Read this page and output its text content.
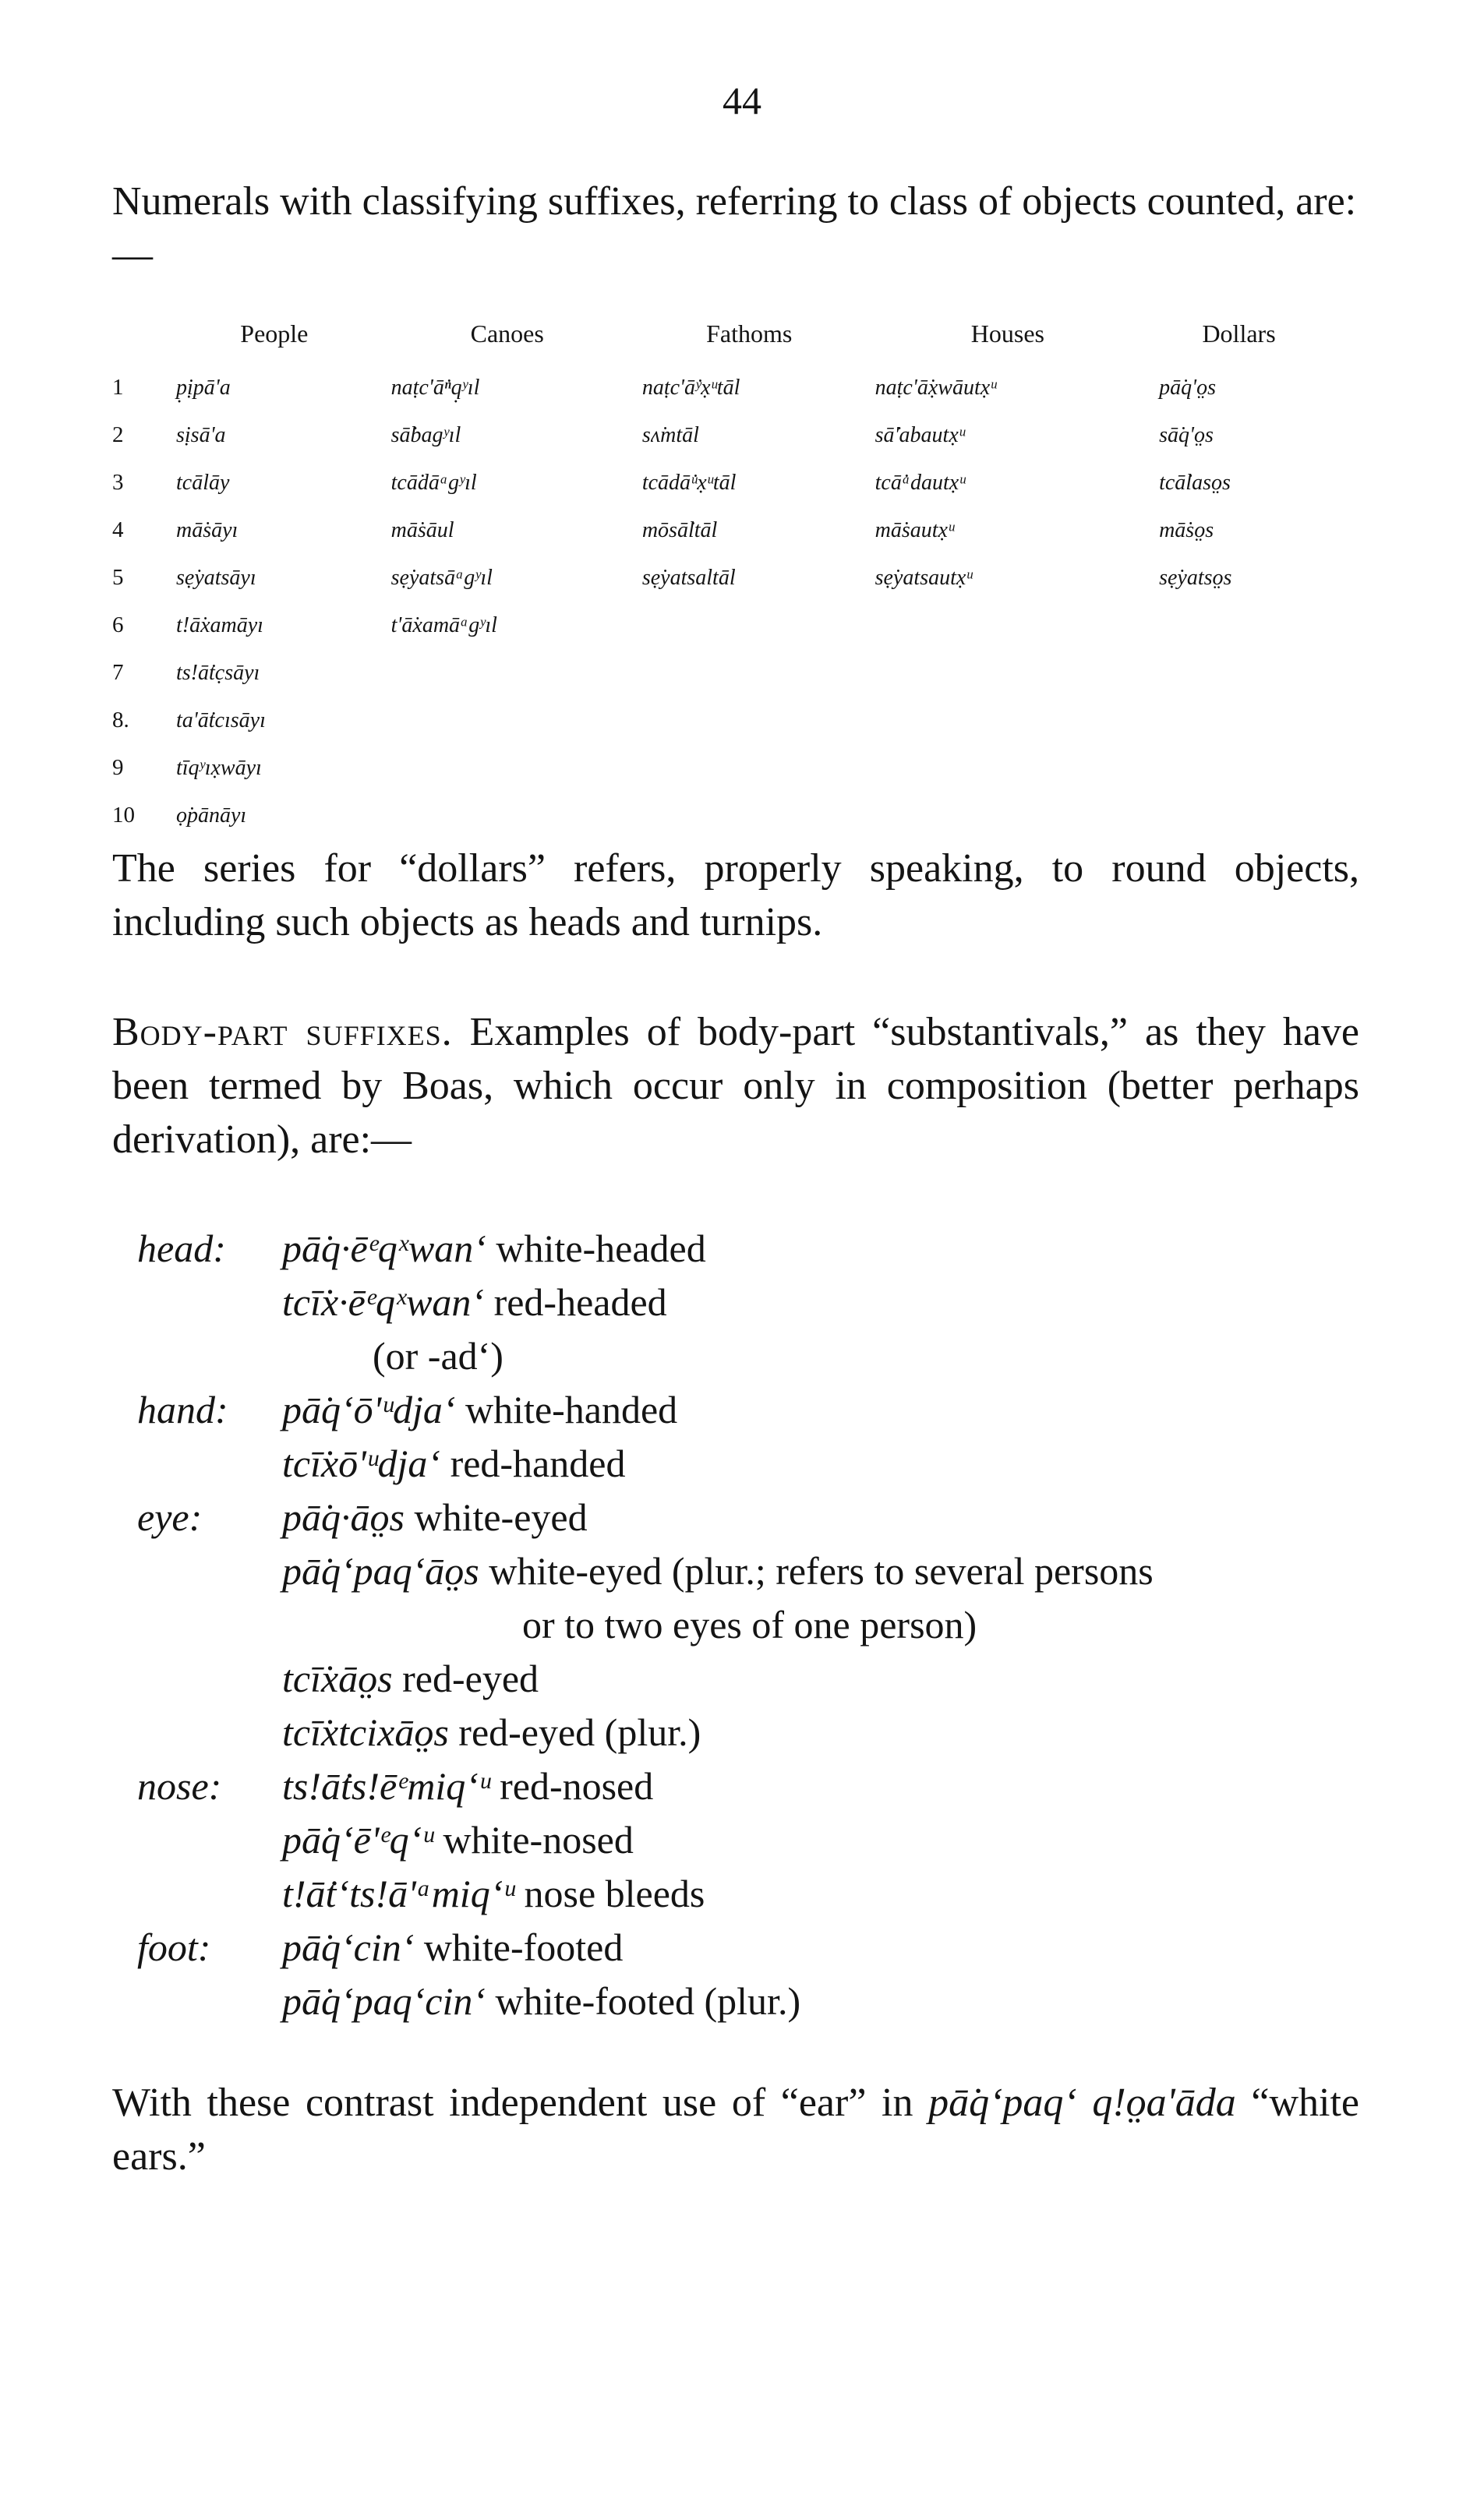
44

Numerals with classifying suffixes, referring to class of objects counted, are:—

	People	Canoes	Fathoms	Houses	Dollars
1	p̣ịpā'a	naṭc'ā̇ⁿq̣ʸıl	naṭc'ā̇ʸx̣ᵘtāl	naṭc'ā̇x̣wāutx̣ᵘ	pā̇q'o̤s
2	sịsā'a	sā̇bagʸıl	sʌ̇mtāl	sā̇'abautx̣ᵘ	sā̇q'o̤s
3	tcālāy	tcā̇dāᵃgʸıl	tcādā̇ᵘx̣ᵘtāl	tcā̇ᵃdautx̣ᵘ	tcā̇laso̤s
4	mā̇sāyı	mā̇sāul	mōsā̇ltāl	mā̇sautx̣ᵘ	mā̇so̤s
5	sẹ̇yatsāyı	sẹ̇yatsāᵃgʸıl	sẹ̇yatsaltāl	sẹ̇yatsautx̣ᵘ	sẹ̇yatso̤s
6	t!ā̇xamāyı	t'ā̇xamāᵃgʸıl			
7	ts!ā̇tc̣sāyı				
8.	ta'ā̇tcısāyı				
9	tīqʸıx̣wāyı				
10	ọ̇pānāyı				

The series for “dollars” refers, properly speaking, to round objects, including such objects as heads and turnips.

Body-part suffixes. Examples of body-part “substantivals,” as they have been termed by Boas, which occur only in composition (better perhaps derivation), are:—

head: pā̇q·ēᵉqˣwan‘ white-headed
tcī̇x·ēᵉqˣwan‘ red-headed
(or -ad‘)
hand: pā̇q‘ō'ᵘdja‘ white-handed
tcī̇xō'ᵘdja‘ red-handed
eye: pā̇q·āo̤s white-eyed
pā̇q‘paq‘āo̤s white-eyed (plur.; refers to several persons
or to two eyes of one person)
tcī̇xāo̤s red-eyed
tcī̇xtcixāo̤s red-eyed (plur.)
nose: ts!ā̇ts!ēᵉmiq‘ᵘ red-nosed
pā̇q‘ē'ᵉq‘ᵘ white-nosed
t!ā̇t‘ts!ā'ᵃmiq‘ᵘ nose bleeds
foot: pā̇q‘cin‘ white-footed
pā̇q‘paq‘cin‘ white-footed (plur.)

With these contrast independent use of “ear” in pā̇q‘paq‘ q!o̤a'āda “white ears.”
